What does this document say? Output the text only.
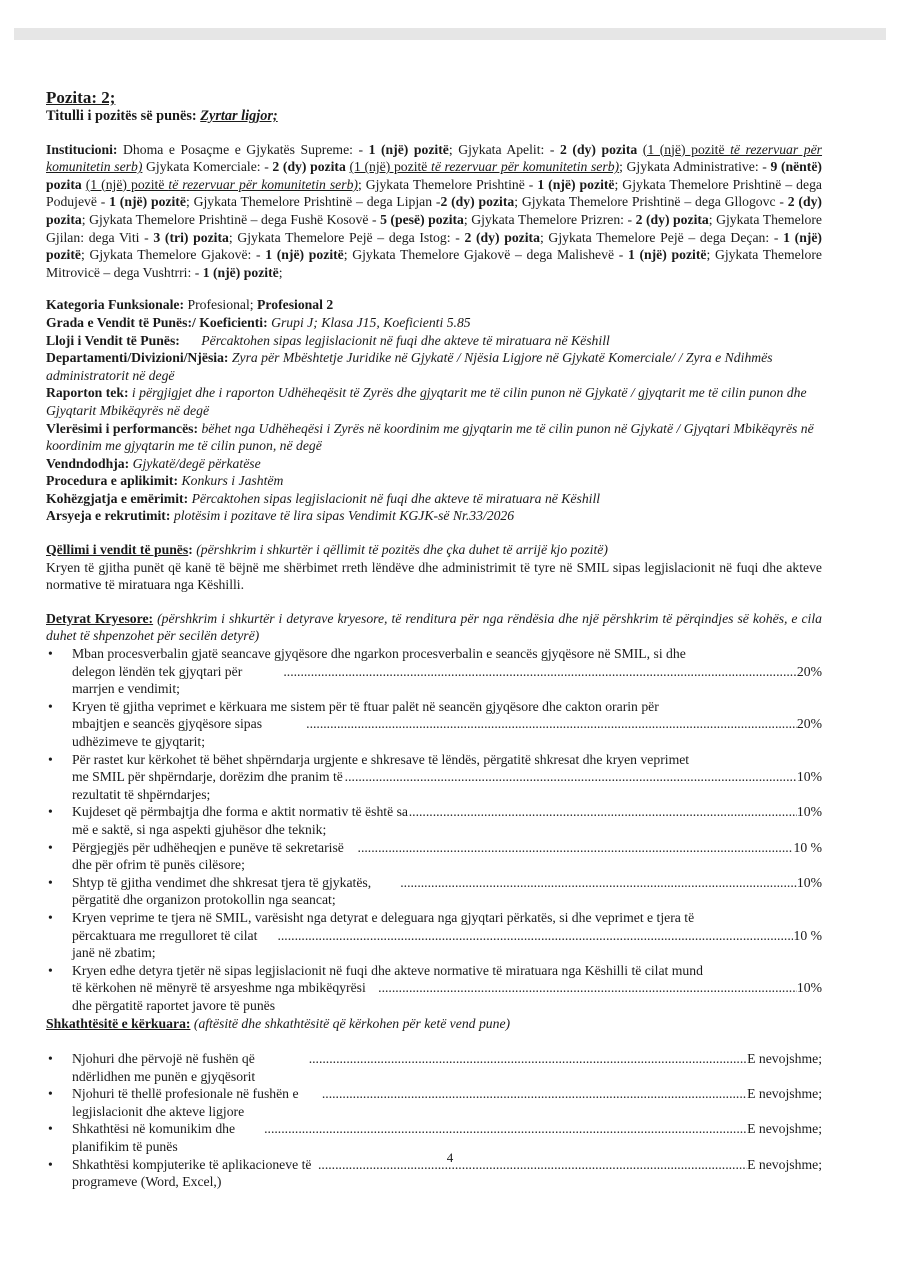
Pozita: 2;
Titulli i pozitës së punës: Zyrtar ligjor;
Institucioni: Dhoma e Posaçme e Gjykatës Supreme: - 1 (një) pozitë; Gjykata Apelit: - 2 (dy) pozita (1 (një) pozitë të rezervuar për komunitetin serb) Gjykata Komerciale: - 2 (dy) pozita (1 (një) pozitë të rezervuar për komunitetin serb); Gjykata Administrative: - 9 (nëntë) pozita (1 (një) pozitë të rezervuar për komunitetin serb); Gjykata Themelore Prishtinë - 1 (një) pozitë; Gjykata Themelore Prishtinë – dega Podujevë - 1 (një) pozitë; Gjykata Themelore Prishtinë – dega Lipjan -2 (dy) pozita; Gjykata Themelore Prishtinë – dega Gllogovc - 2 (dy) pozita; Gjykata Themelore Prishtinë – dega Fushë Kosovë - 5 (pesë) pozita; Gjykata Themelore Prizren: - 2 (dy) pozita; Gjykata Themelore Gjilan: dega Viti - 3 (tri) pozita; Gjykata Themelore Pejë – dega Istog: - 2 (dy) pozita; Gjykata Themelore Pejë – dega Deçan: - 1 (një) pozitë; Gjykata Themelore Gjakovë: - 1 (një) pozitë; Gjykata Themelore Gjakovë – dega Malishevë - 1 (një) pozitë; Gjykata Themelore Mitrovicë – dega Vushtrri: - 1 (një) pozitë;
Kategoria Funksionale: Profesional; Profesional 2
Grada e Vendit të Punës:/ Koeficienti: Grupi J; Klasa J15, Koeficienti 5.85
Lloji i Vendit të Punës: Përcaktohen sipas legjislacionit në fuqi dhe akteve të miratuara në Këshill
Departamenti/Divizioni/Njësia: Zyra për Mbështetje Juridike në Gjykatë / Njësia Ligjore në Gjykatë Komerciale/ / Zyra e Ndihmës administratorit në degë
Raporton tek: i përgjigjet dhe i raporton Udhëheqësit të Zyrës dhe gjyqtarit me të cilin punon në Gjykatë / gjyqtarit me të cilin punon dhe Gjyqtarit Mbikëqyrës në degë
Vlerësimi i performancës: bëhet nga Udhëheqësi i Zyrës në koordinim me gjyqtarin me të cilin punon në Gjykatë / Gjyqtari Mbikëqyrës në koordinim me gjyqtarin me të cilin punon, në degë
Vendndodhja: Gjykatë/degë përkatëse
Procedura e aplikimit: Konkurs i Jashtëm
Kohëzgjatja e emërimit: Përcaktohen sipas legjislacionit në fuqi dhe akteve të miratuara në Këshill
Arsyeja e rekrutimit: plotësim i pozitave të lira sipas Vendimit KGJK-së Nr.33/2026
Qëllimi i vendit të punës: (përshkrim i shkurtër i qëllimit të pozitës dhe çka duhet të arrijë kjo pozitë)
Kryen të gjitha punët që kanë të bëjnë me shërbimet rreth lëndëve dhe administrimit të tyre në SMIL sipas legjislacionit në fuqi dhe akteve normative të miratuara nga Këshilli.
Detyrat Kryesore: (përshkrim i shkurtër i detyrave kryesore, të renditura për nga rëndësia dhe një përshkrim të përqindjes së kohës, e cila duhet të shpenzohet për secilën detyrë)
• Mban procesverbalin gjatë seancave gjyqësore dhe ngarkon procesverbalin e seancës gjyqësore në SMIL, si dhe
delegon lëndën tek gjyqtari për marrjen e vendimit;
.....
20%
• Kryen të gjitha veprimet e kërkuara me sistem për të ftuar palët në seancën gjyqësore dhe cakton orarin për
mbajtjen e seancës gjyqësore sipas udhëzimeve te gjyqtarit;
.....
20%
• Për rastet kur kërkohet të bëhet shpërndarja urgjente e shkresave të lëndës, përgatitë shkresat dhe kryen veprimet
me SMIL për shpërndarje, dorëzim dhe pranim të rezultatit të shpërndarjes;
.....
10%
• Kujdeset që përmbajtja dhe forma e aktit normativ të është sa më e saktë, si nga aspekti gjuhësor dhe teknik;
.....
10%
• Përgjegjës për udhëheqjen e punëve të sekretarisë dhe për ofrim të punës cilësore;
.....
10 %
• Shtyp të gjitha vendimet dhe shkresat tjera të gjykatës, përgatitë dhe organizon protokollin nga seancat;
.....
10%
• Kryen veprime te tjera në SMIL, varësisht nga detyrat e deleguara nga gjyqtari përkatës, si dhe veprimet e tjera të
përcaktuara me rregulloret të cilat janë në zbatim;
.....
10 %
• Kryen edhe detyra tjetër në sipas legjislacionit në fuqi dhe akteve normative të miratuara nga Këshilli të cilat mund
të kërkohen në mënyrë të arsyeshme nga mbikëqyrësi dhe përgatitë raportet javore të punës
.....
10%
Shkathtësitë e kërkuara: (aftësitë dhe shkathtësitë që kërkohen për ketë vend pune)
• Njohuri dhe përvojë në fushën që ndërlidhen me punën e gjyqësorit
.....
E nevojshme;
• Njohuri të thellë profesionale në fushën e legjislacionit dhe akteve ligjore
.....
E nevojshme;
• Shkathtësi në komunikim dhe planifikim të punës
.....
E nevojshme;
• Shkathtësi kompjuterike të aplikacioneve të programeve (Word, Excel,)
.....
E nevojshme;
4
